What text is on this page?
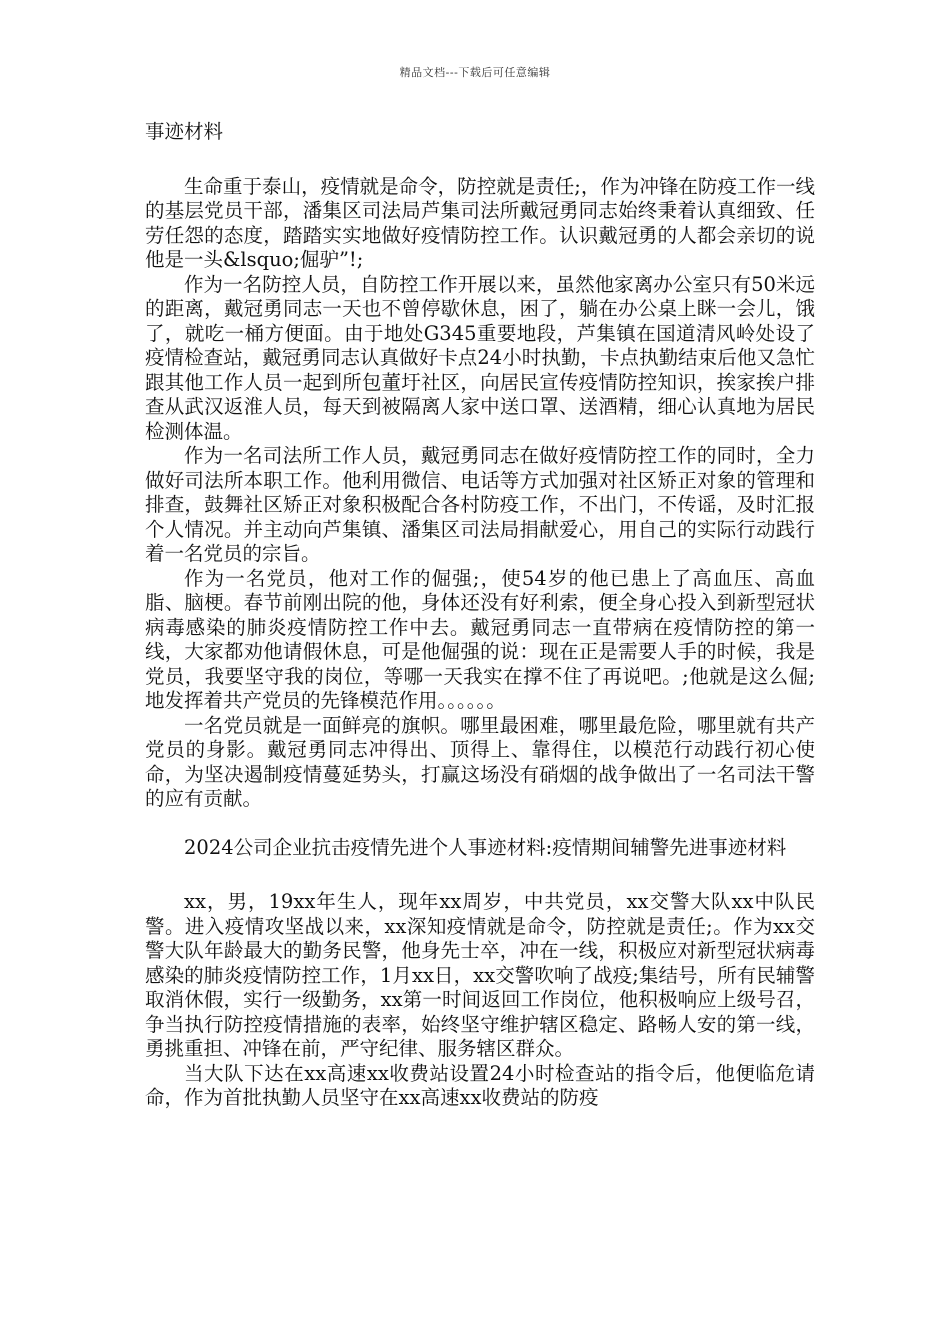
精品文档---下载后可任意编辑

事迹材料

生命重于泰山，疫情就是命令，防控就是责任;，作为冲锋在防疫工作一线的基层党员干部，潘集区司法局芦集司法所戴冠勇同志始终秉着认真细致、任劳任怨的态度，踏踏实实地做好疫情防控工作。认识戴冠勇的人都会亲切的说他是一头&lsquo;倔驴”!;

作为一名防控人员，自防控工作开展以来，虽然他家离办公室只有50米远的距离，戴冠勇同志一天也不曾停歇休息，困了，躺在办公桌上眯一会儿，饿了，就吃一桶方便面。由于地处G345重要地段，芦集镇在国道清风岭处设了疫情检查站，戴冠勇同志认真做好卡点24小时执勤，卡点执勤结束后他又急忙跟其他工作人员一起到所包董圩社区，向居民宣传疫情防控知识，挨家挨户排查从武汉返淮人员，每天到被隔离人家中送口罩、送酒精，细心认真地为居民检测体温。

作为一名司法所工作人员，戴冠勇同志在做好疫情防控工作的同时，全力做好司法所本职工作。他利用微信、电话等方式加强对社区矫正对象的管理和排查，鼓舞社区矫正对象积极配合各村防疫工作，不出门，不传谣，及时汇报个人情况。并主动向芦集镇、潘集区司法局捐献爱心，用自己的实际行动践行着一名党员的宗旨。

作为一名党员，他对工作的倔强;，使54岁的他已患上了高血压、高血脂、脑梗。春节前刚出院的他，身体还没有好利索，便全身心投入到新型冠状病毒感染的肺炎疫情防控工作中去。戴冠勇同志一直带病在疫情防控的第一线，大家都劝他请假休息，可是他倔强的说：现在正是需要人手的时候，我是党员，我要坚守我的岗位，等哪一天我实在撑不住了再说吧。;他就是这么倔;地发挥着共产党员的先锋模范作用。。。。。。

一名党员就是一面鲜亮的旗帜。哪里最困难，哪里最危险，哪里就有共产党员的身影。戴冠勇同志冲得出、顶得上、靠得住，以模范行动践行初心使命，为坚决遏制疫情蔓延势头，打赢这场没有硝烟的战争做出了一名司法干警的应有贡献。

2024公司企业抗击疫情先进个人事迹材料:疫情期间辅警先进事迹材料

xx，男，19xx年生人，现年xx周岁，中共党员，xx交警大队xx中队民警。进入疫情攻坚战以来，xx深知疫情就是命令，防控就是责任;。作为xx交警大队年龄最大的勤务民警，他身先士卒，冲在一线，积极应对新型冠状病毒感染的肺炎疫情防控工作，1月xx日，xx交警吹响了战疫;集结号，所有民辅警取消休假，实行一级勤务，xx第一时间返回工作岗位，他积极响应上级号召，争当执行防控疫情措施的表率，始终坚守维护辖区稳定、路畅人安的第一线，勇挑重担、冲锋在前，严守纪律、服务辖区群众。

当大队下达在xx高速xx收费站设置24小时检查站的指令后，他便临危请命，作为首批执勤人员坚守在xx高速xx收费站的防疫
